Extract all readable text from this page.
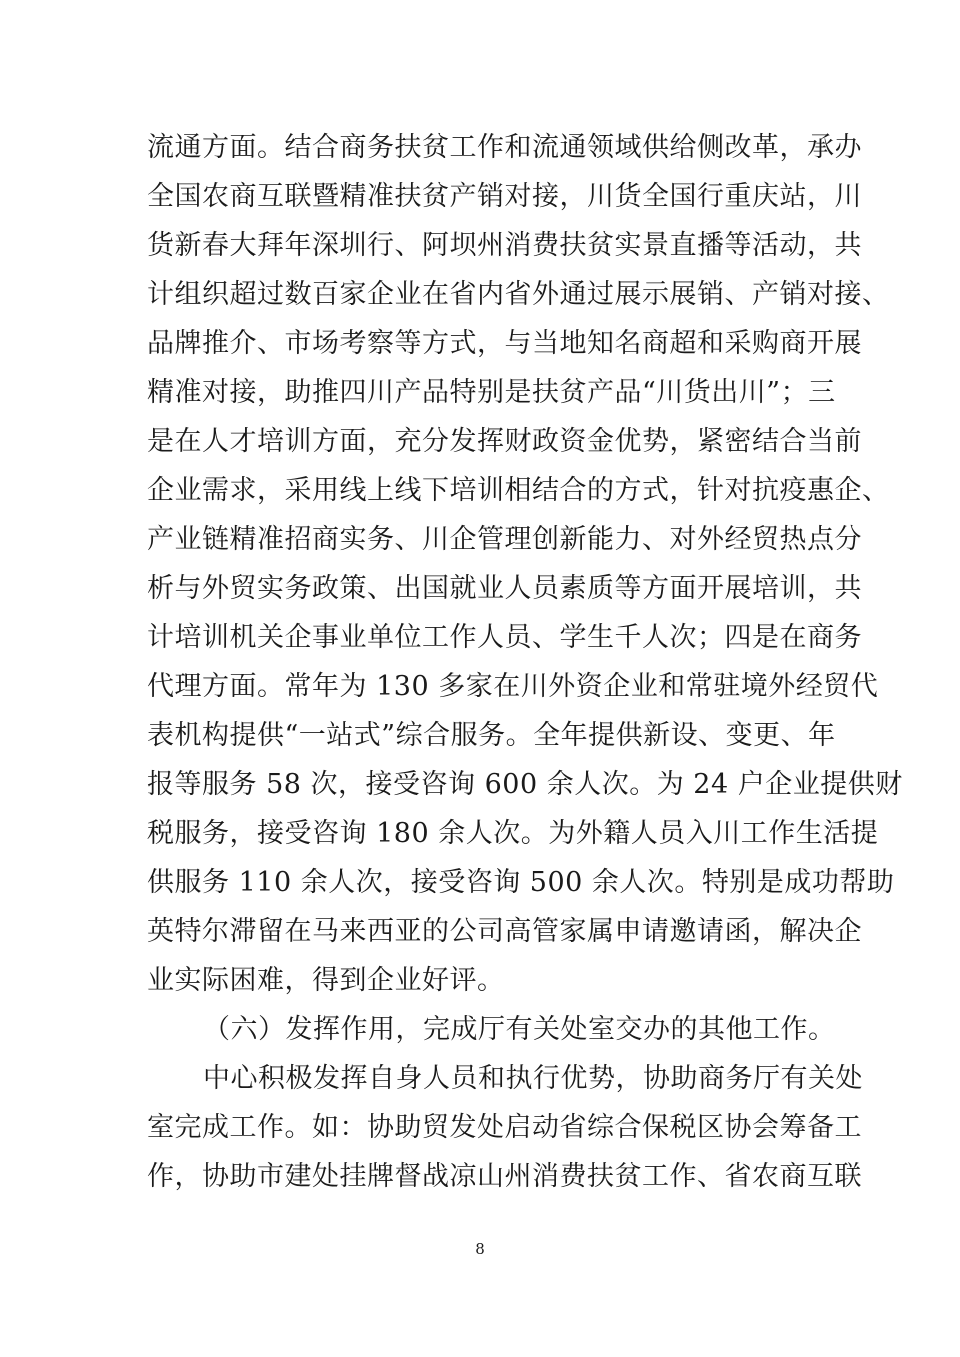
流通方面。结合商务扶贫工作和流通领域供给侧改革，承办
全国农商互联暨精准扶贫产销对接，川货全国行重庆站，川
货新春大拜年深圳行、阿坝州消费扶贫实景直播等活动，共
计组织超过数百家企业在省内省外通过展示展销、产销对接、
品牌推介、市场考察等方式，与当地知名商超和采购商开展
精准对接，助推四川产品特别是扶贫产品“川货出川”；三
是在人才培训方面，充分发挥财政资金优势，紧密结合当前
企业需求，采用线上线下培训相结合的方式，针对抗疫惠企、
产业链精准招商实务、川企管理创新能力、对外经贸热点分
析与外贸实务政策、出国就业人员素质等方面开展培训，共
计培训机关企事业单位工作人员、学生千人次；四是在商务
代理方面。常年为 130 多家在川外资企业和常驻境外经贸代
表机构提供“一站式”综合服务。全年提供新设、变更、年
报等服务 58 次，接受咨询 600 余人次。为 24 户企业提供财
税服务，接受咨询 180 余人次。为外籍人员入川工作生活提
供服务 110 余人次，接受咨询 500 余人次。特别是成功帮助
英特尔滞留在马来西亚的公司高管家属申请邀请函，解决企
业实际困难，得到企业好评。
（六）发挥作用，完成厅有关处室交办的其他工作。
中心积极发挥自身人员和执行优势，协助商务厅有关处
室完成工作。如：协助贸发处启动省综合保税区协会筹备工
作，协助市建处挂牌督战凉山州消费扶贫工作、省农商互联
8
